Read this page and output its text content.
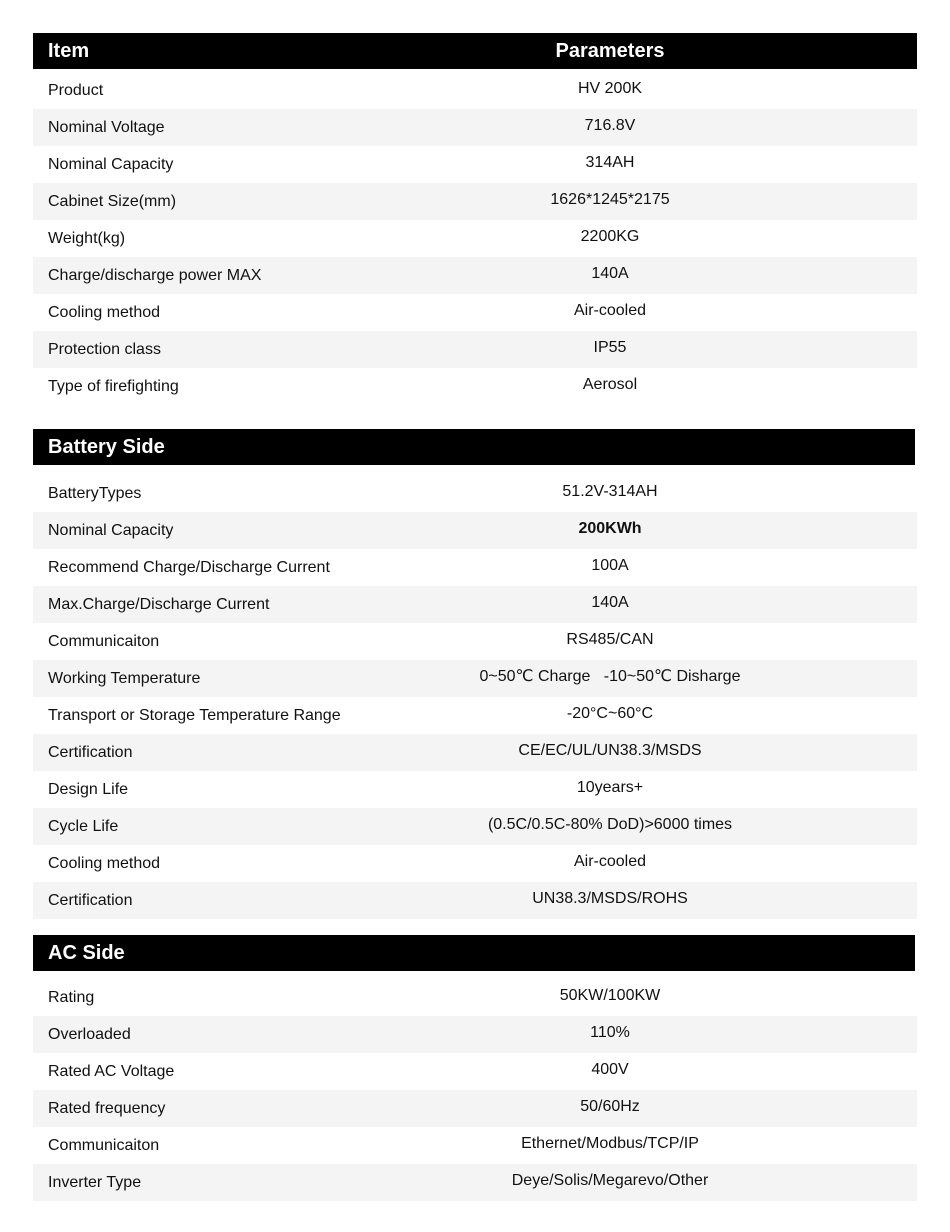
Item	Parameters
Product	HV 200K
Nominal Voltage	716.8V
Nominal Capacity	314AH
Cabinet Size(mm)	1626*1245*2175
Weight(kg)	2200KG
Charge/discharge power MAX	140A
Cooling method	Air-cooled
Protection class	IP55
Type of firefighting	Aerosol
Battery Side
BatteryTypes	51.2V-314AH
Nominal Capacity	200KWh
Recommend Charge/Discharge Current	100A
Max.Charge/Discharge Current	140A
Communicaiton	RS485/CAN
Working Temperature	0~50℃ Charge   -10~50℃ Disharge
Transport or Storage Temperature Range	-20°C~60°C
Certification	CE/EC/UL/UN38.3/MSDS
Design Life	10years+
Cycle Life	(0.5C/0.5C-80% DoD)>6000 times
Cooling method	Air-cooled
Certification	UN38.3/MSDS/ROHS
AC Side
Rating	50KW/100KW
Overloaded	110%
Rated AC Voltage	400V
Rated frequency	50/60Hz
Communicaiton	Ethernet/Modbus/TCP/IP
Inverter Type	Deye/Solis/Megarevo/Other
